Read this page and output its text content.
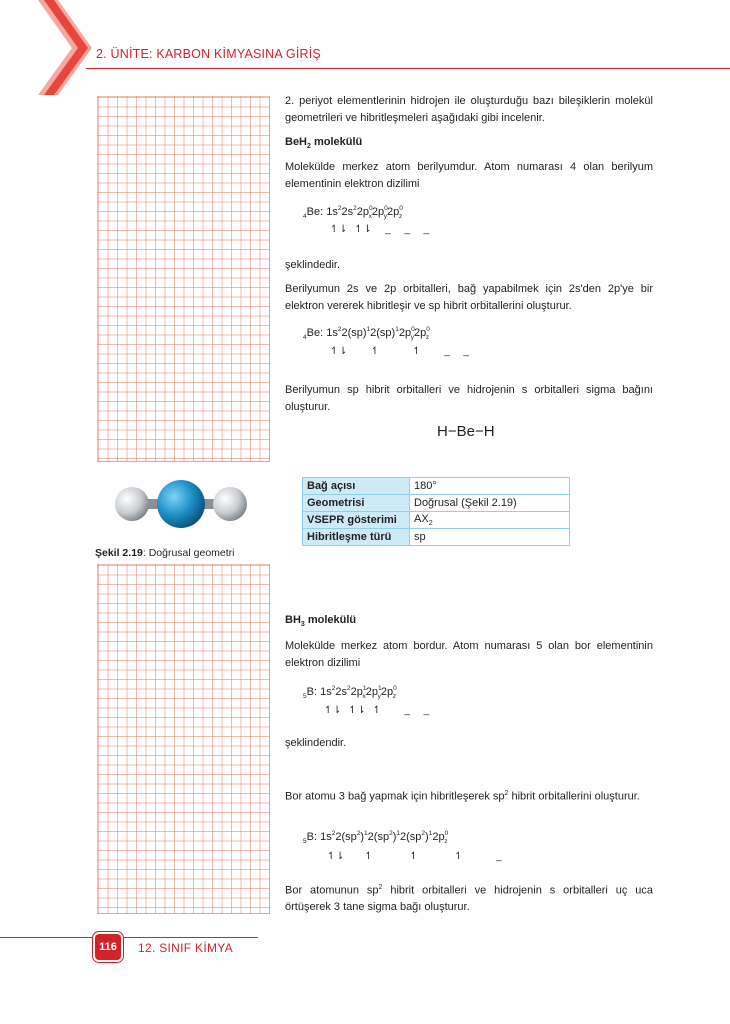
2. ÜNİTE: KARBON KİMYASINA GİRİŞ
2. periyot elementlerinin hidrojen ile oluşturduğu bazı bileşiklerin molekül geometrileri ve hibritleşmeleri aşağıdaki gibi incelenir.
BeH$_2$ molekülü
Molekülde merkez atom berilyumdur. Atom numarası 4 olan berilyum elementinin elektron dizilimi
$_4$Be: $1s^22s^22p^0_x2p^0_y2p^0_z$
↿⇂  ↿⇂    _    _    _
şeklindedir.
Berilyumun 2s ve 2p orbitalleri, bağ yapabilmek için 2s'den 2p'ye bir elektron vererek hibritleşir ve sp hibrit orbitallerini oluşturur.
$_4$Be: $1s^22(sp)^12(sp)^12p^0_y2p^0_z$
↿⇂       ↿          ↿       _    _
Berilyumun sp hibrit orbitalleri ve hidrojenin s orbitalleri sigma bağını oluşturur.
H−Be−H
Şekil 2.19: Doğrusal geometri
Bağ açısı	180°
Geometrisi	Doğrusal (Şekil 2.19)
VSEPR gösterimi	$AX_2$
Hibritleşme türü	sp
$BH_3$ molekülü
Molekülde merkez atom bordur. Atom numarası 5 olan bor elementinin elektron dizilimi
$_5$B: $1s^22s^22p^1_x2p^1_y2p^0_z$
↿⇂  ↿⇂  ↿       _    _
şeklindendir.
Bor atomu 3 bağ yapmak için hibritleşerek $sp^2$ hibrit orbitallerini oluşturur.
$_5$B: $1s^22(sp^2)^12(sp^2)^12(sp^2)^12p^0_z$
↿⇂      ↿           ↿           ↿          _
Bor atomunun $sp^2$ hibrit orbitalleri ve hidrojenin s orbitalleri uç uca örtüşerek 3 tane sigma bağı oluşturur.
116	12. SINIF KİMYA
